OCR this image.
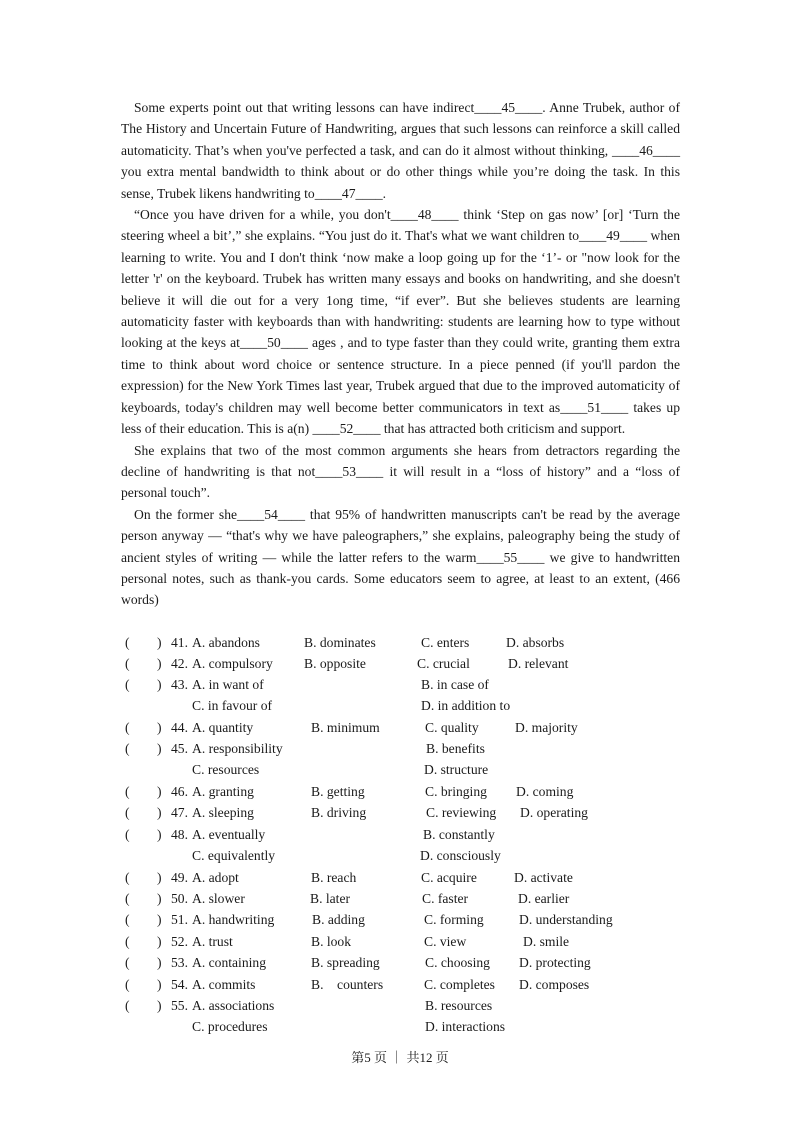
Some experts point out that writing lessons can have indirect____45____. Anne Trubek, author of The History and Uncertain Future of Handwriting, argues that such lessons can reinforce a skill called automaticity. That’s when you've perfected a task, and can do it almost without thinking, ____46____ you extra mental bandwidth to think about or do other things while you’re doing the task. In this sense, Trubek likens handwriting to____47____.

“Once you have driven for a while, you don't____48____ think ‘Step on gas now’ [or] ‘Turn the steering wheel a bit’,” she explains. “You just do it. That's what we want children to____49____ when learning to write. You and I don't think ‘now make a loop going up for the ‘1’- or "now look for the letter 'r' on the keyboard. Trubek has written many essays and books on handwriting, and she doesn't believe it will die out for a very 1ong time, “if ever”. But she believes students are learning automaticity faster with keyboards than with handwriting: students are learning how to type without looking at the keys at____50____ ages , and to type faster than they could write, granting them extra time to think about word choice or sentence structure. In a piece penned (if you'll pardon the expression) for the New York Times last year, Trubek argued that due to the improved automaticity of keyboards, today's children may well become better communicators in text as____51____ takes up less of their education. This is a(n) ____52____ that has attracted both criticism and support.

She explains that two of the most common arguments she hears from detractors regarding the decline of handwriting is that not____53____ it will result in a “loss of history” and a “loss of personal touch”.

On the former she____54____ that 95% of handwritten manuscripts can't be read by the average person anyway — “that's why we have paleographers,” she explains, paleography being the study of ancient styles of writing — while the latter refers to the warm____55____ we give to handwritten personal notes, such as thank-you cards. Some educators seem to agree, at least to an extent, (466 words)

( ) 41. A. abandons	B. dominates	C. enters	D. absorbs
( ) 42. A. compulsory B. opposite	C. crucial	D. relevant
( ) 43. A. in want of	B. in case of
C. in favour of	D. in addition to
( ) 44. A. quantity	B. minimum	C. quality	D. majority
( ) 45. A. responsibility	B. benefits
C. resources	D. structure
( ) 46. A. granting	B. getting	C. bringing D. coming
( ) 47. A. sleeping	B. driving	C. reviewing D. operating
( ) 48. A. eventually	B. constantly
C. equivalently	D. consciously
( ) 49. A. adopt	B. reach	C. acquire	D. activate
( ) 50. A. slower	B. later	C. faster	D. earlier
( ) 51. A. handwriting	B. adding	C. forming	D. understanding
( ) 52. A. trust	B. look	C. view	D. smile
( ) 53. A. containing	B. spreading	C. choosing D. protecting
( ) 54. A. commits	B.    counters	C. completes D. composes
( ) 55. A. associations	B. resources
C. procedures	D. interactions
第5 页 ｜ 共12 页
